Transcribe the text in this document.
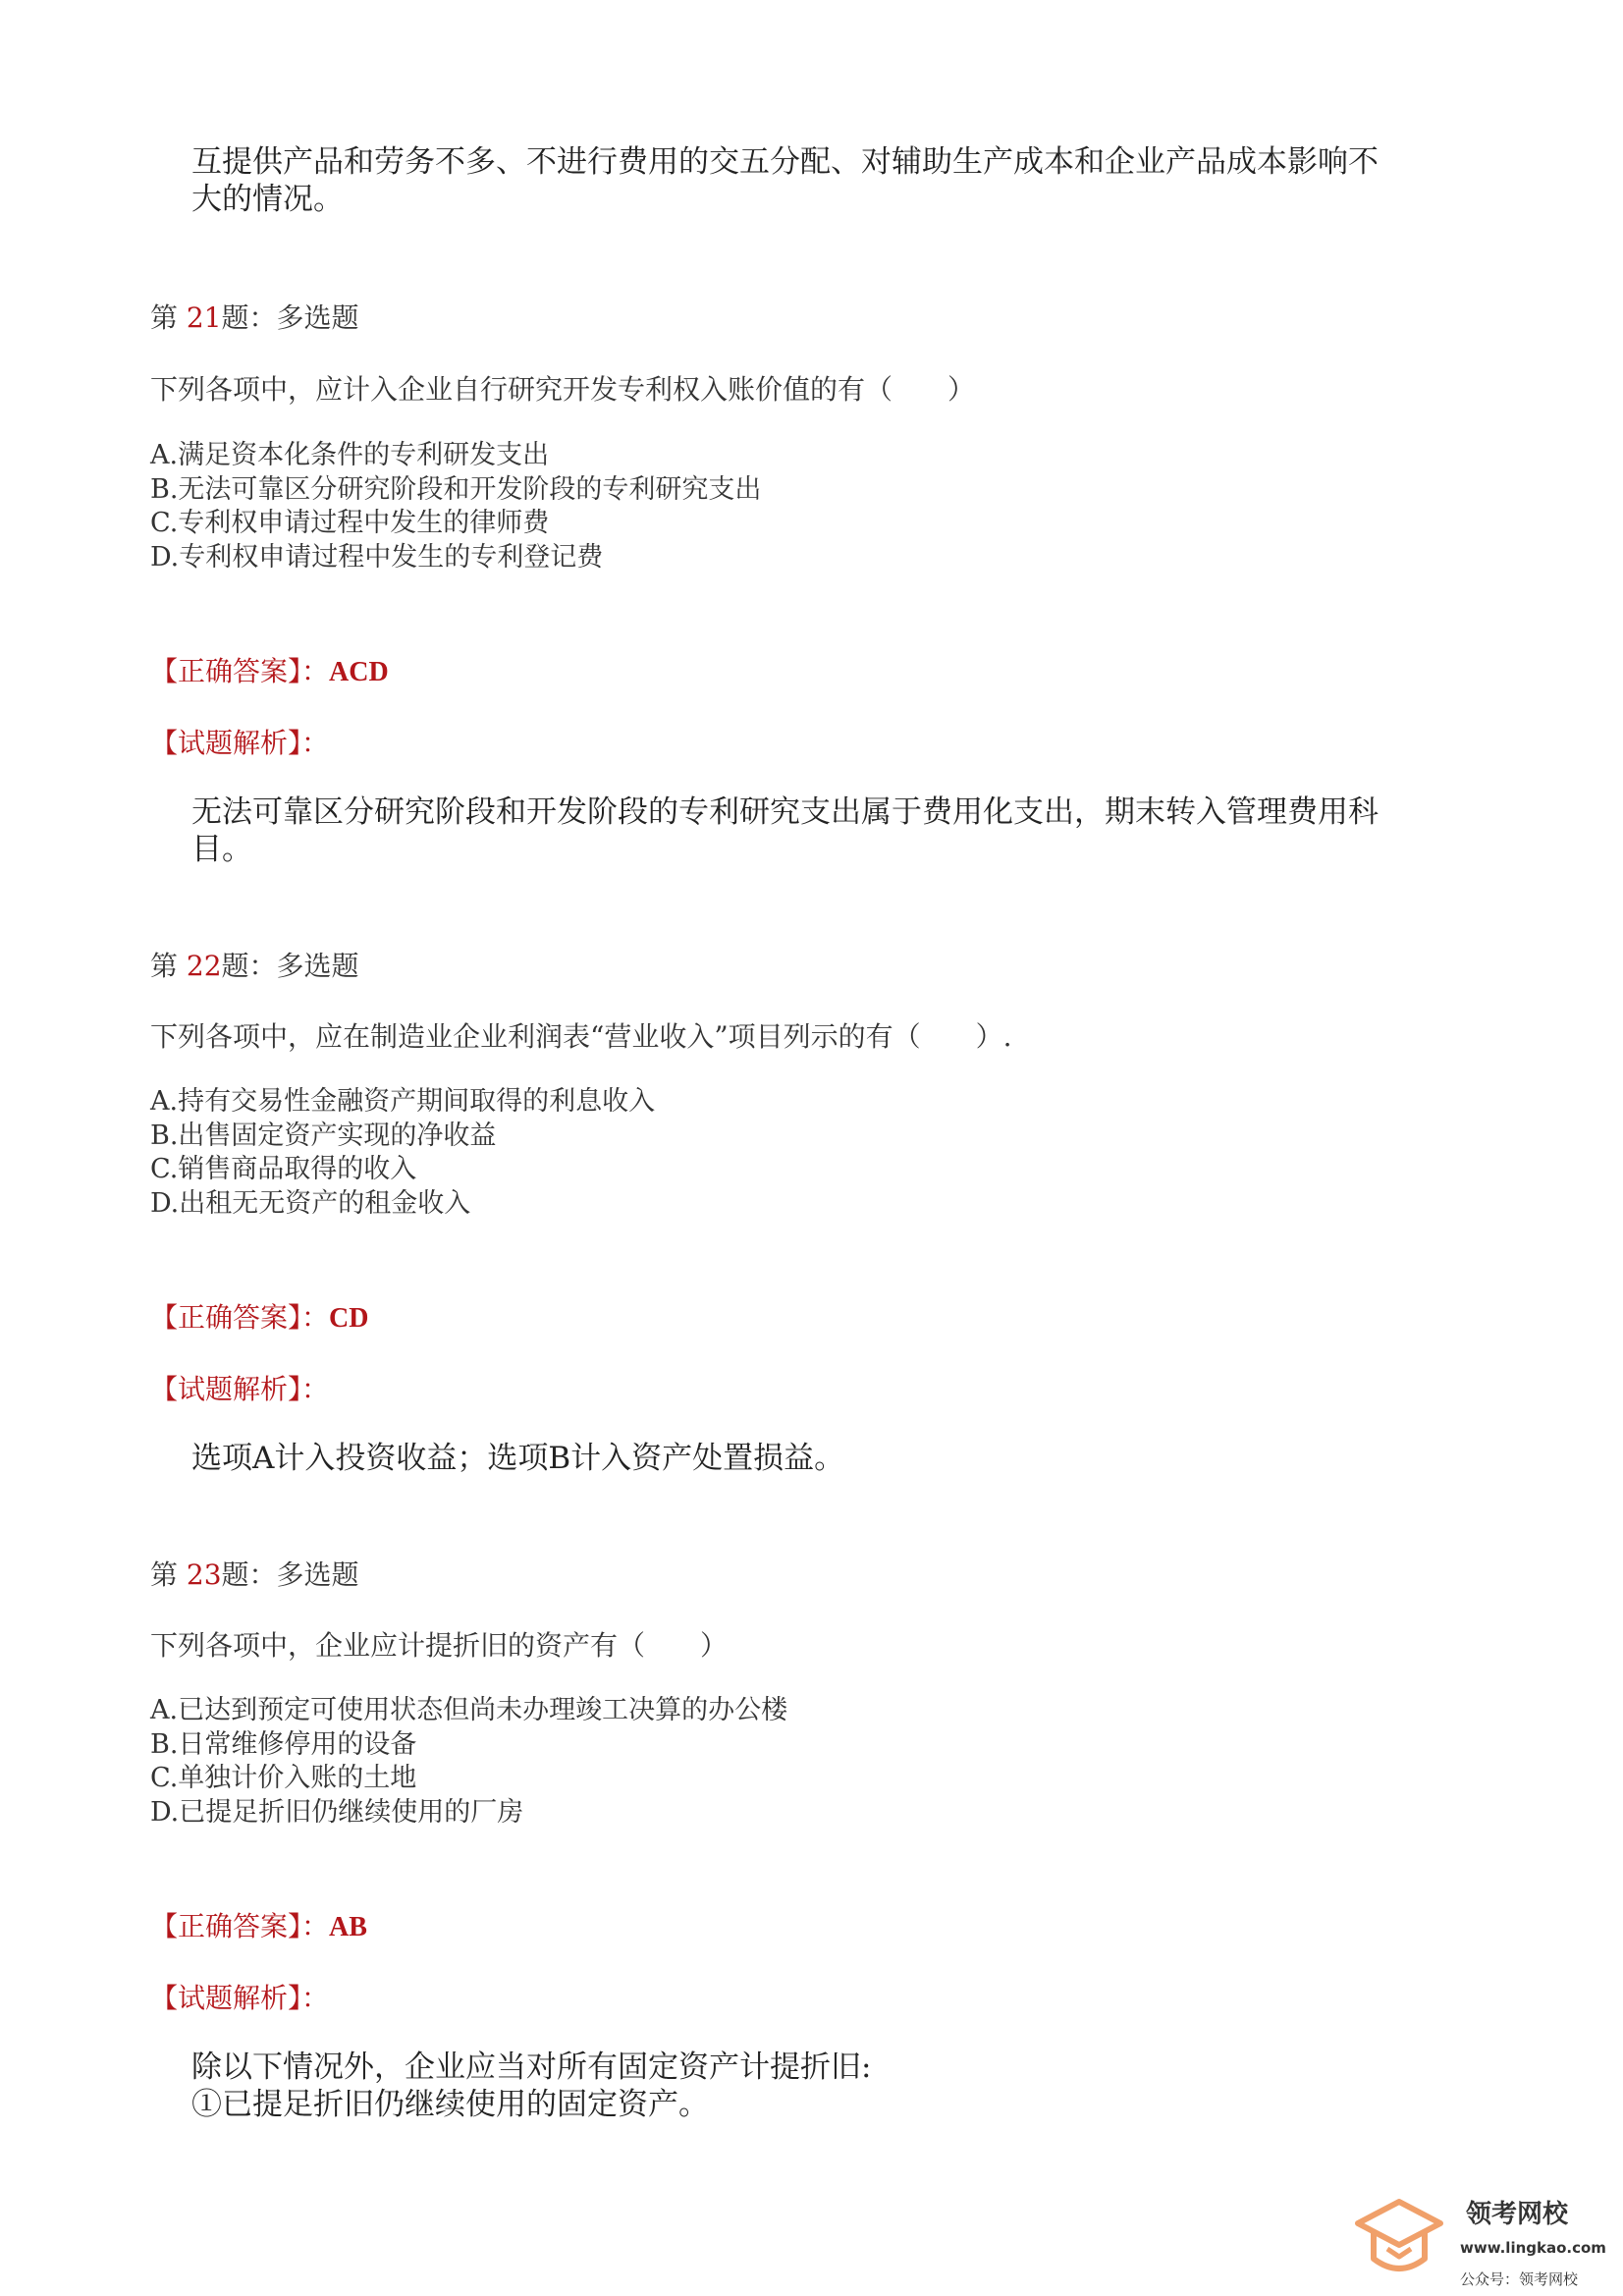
互提供产品和劳务不多、不进行费用的交五分配、对辅助生产成本和企业产品成本影响不
大的情况。
第 21题：多选题
下列各项中，应计入企业自行研究开发专利权入账价值的有（　　）
A.满足资本化条件的专利研发支出
B.无法可靠区分研究阶段和开发阶段的专利研究支出
C.专利权申请过程中发生的律师费
D.专利权申请过程中发生的专利登记费
【正确答案】：ACD
【试题解析】：
无法可靠区分研究阶段和开发阶段的专利研究支出属于费用化支出，期末转入管理费用科
目。
第 22题：多选题
下列各项中，应在制造业企业利润表“营业收入”项目列示的有（　　）.
A.持有交易性金融资产期间取得的利息收入
B.出售固定资产实现的净收益
C.销售商品取得的收入
D.出租无无资产的租金收入
【正确答案】：CD
【试题解析】：
选项A计入投资收益；选项B计入资产处置损益。
第 23题：多选题
下列各项中，企业应计提折旧的资产有（　　）
A.已达到预定可使用状态但尚未办理竣工决算的办公楼
B.日常维修停用的设备
C.单独计价入账的土地
D.已提足折旧仍继续使用的厂房
【正确答案】：AB
【试题解析】：
除以下情况外，企业应当对所有固定资产计提折旧:
①已提足折旧仍继续使用的固定资产。
领考网校
www.lingkao.com
公众号：领考网校
